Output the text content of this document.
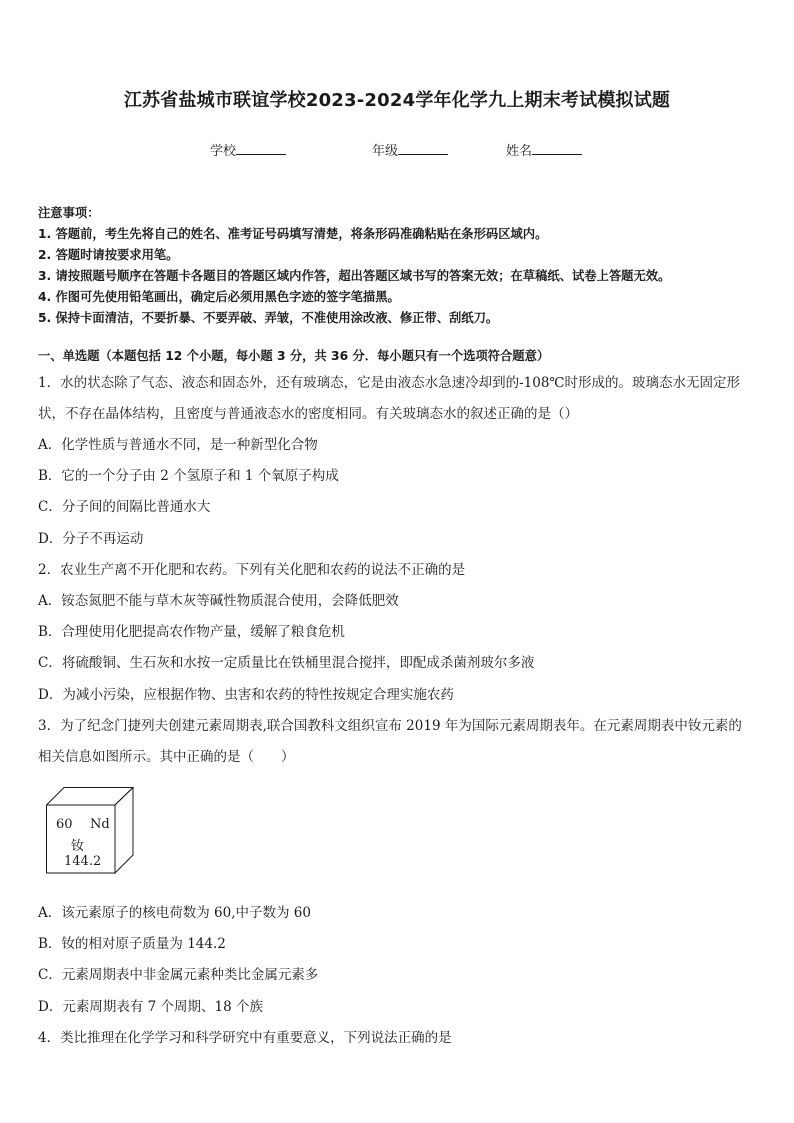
江苏省盐城市联谊学校2023-2024学年化学九上期末考试模拟试题
学校	年级	姓名
注意事项：
1. 答题前，考生先将自己的姓名、准考证号码填写清楚，将条形码准确粘贴在条形码区域内。
2. 答题时请按要求用笔。
3. 请按照题号顺序在答题卡各题目的答题区域内作答，超出答题区域书写的答案无效；在草稿纸、试卷上答题无效。
4. 作图可先使用铅笔画出，确定后必须用黑色字迹的签字笔描黑。
5. 保持卡面清洁，不要折暴、不要弄破、弄皱，不准使用涂改液、修正带、刮纸刀。
一、单选题（本题包括 12 个小题，每小题 3 分，共 36 分．每小题只有一个选项符合题意）
1．水的状态除了气态、液态和固态外，还有玻璃态，它是由液态水急速冷却到的-108℃时形成的。玻璃态水无固定形
状，不存在晶体结构，且密度与普通液态水的密度相同。有关玻璃态水的叙述正确的是（）
A．化学性质与普通水不同，是一种新型化合物
B．它的一个分子由 2 个氢原子和 1 个氧原子构成
C．分子间的间隔比普通水大
D．分子不再运动
2．农业生产离不开化肥和农药。下列有关化肥和农药的说法不正确的是
A．铵态氮肥不能与草木灰等碱性物质混合使用，会降低肥效
B．合理使用化肥提高农作物产量，缓解了粮食危机
C．将硫酸铜、生石灰和水按一定质量比在铁桶里混合搅拌，即配成杀菌剂玻尔多液
D．为减小污染，应根据作物、虫害和农药的特性按规定合理实施农药
3．为了纪念门捷列夫创建元素周期表,联合国教科文组织宣布 2019 年为国际元素周期表年。在元素周期表中钕元素的
相关信息如图所示。其中正确的是（　　）
60 Nd
钕
144.2
A．该元素原子的核电荷数为 60,中子数为 60
B．钕的相对原子质量为 144.2
C．元素周期表中非金属元素种类比金属元素多
D．元素周期表有 7 个周期、18 个族
4．类比推理在化学学习和科学研究中有重要意义，下列说法正确的是
